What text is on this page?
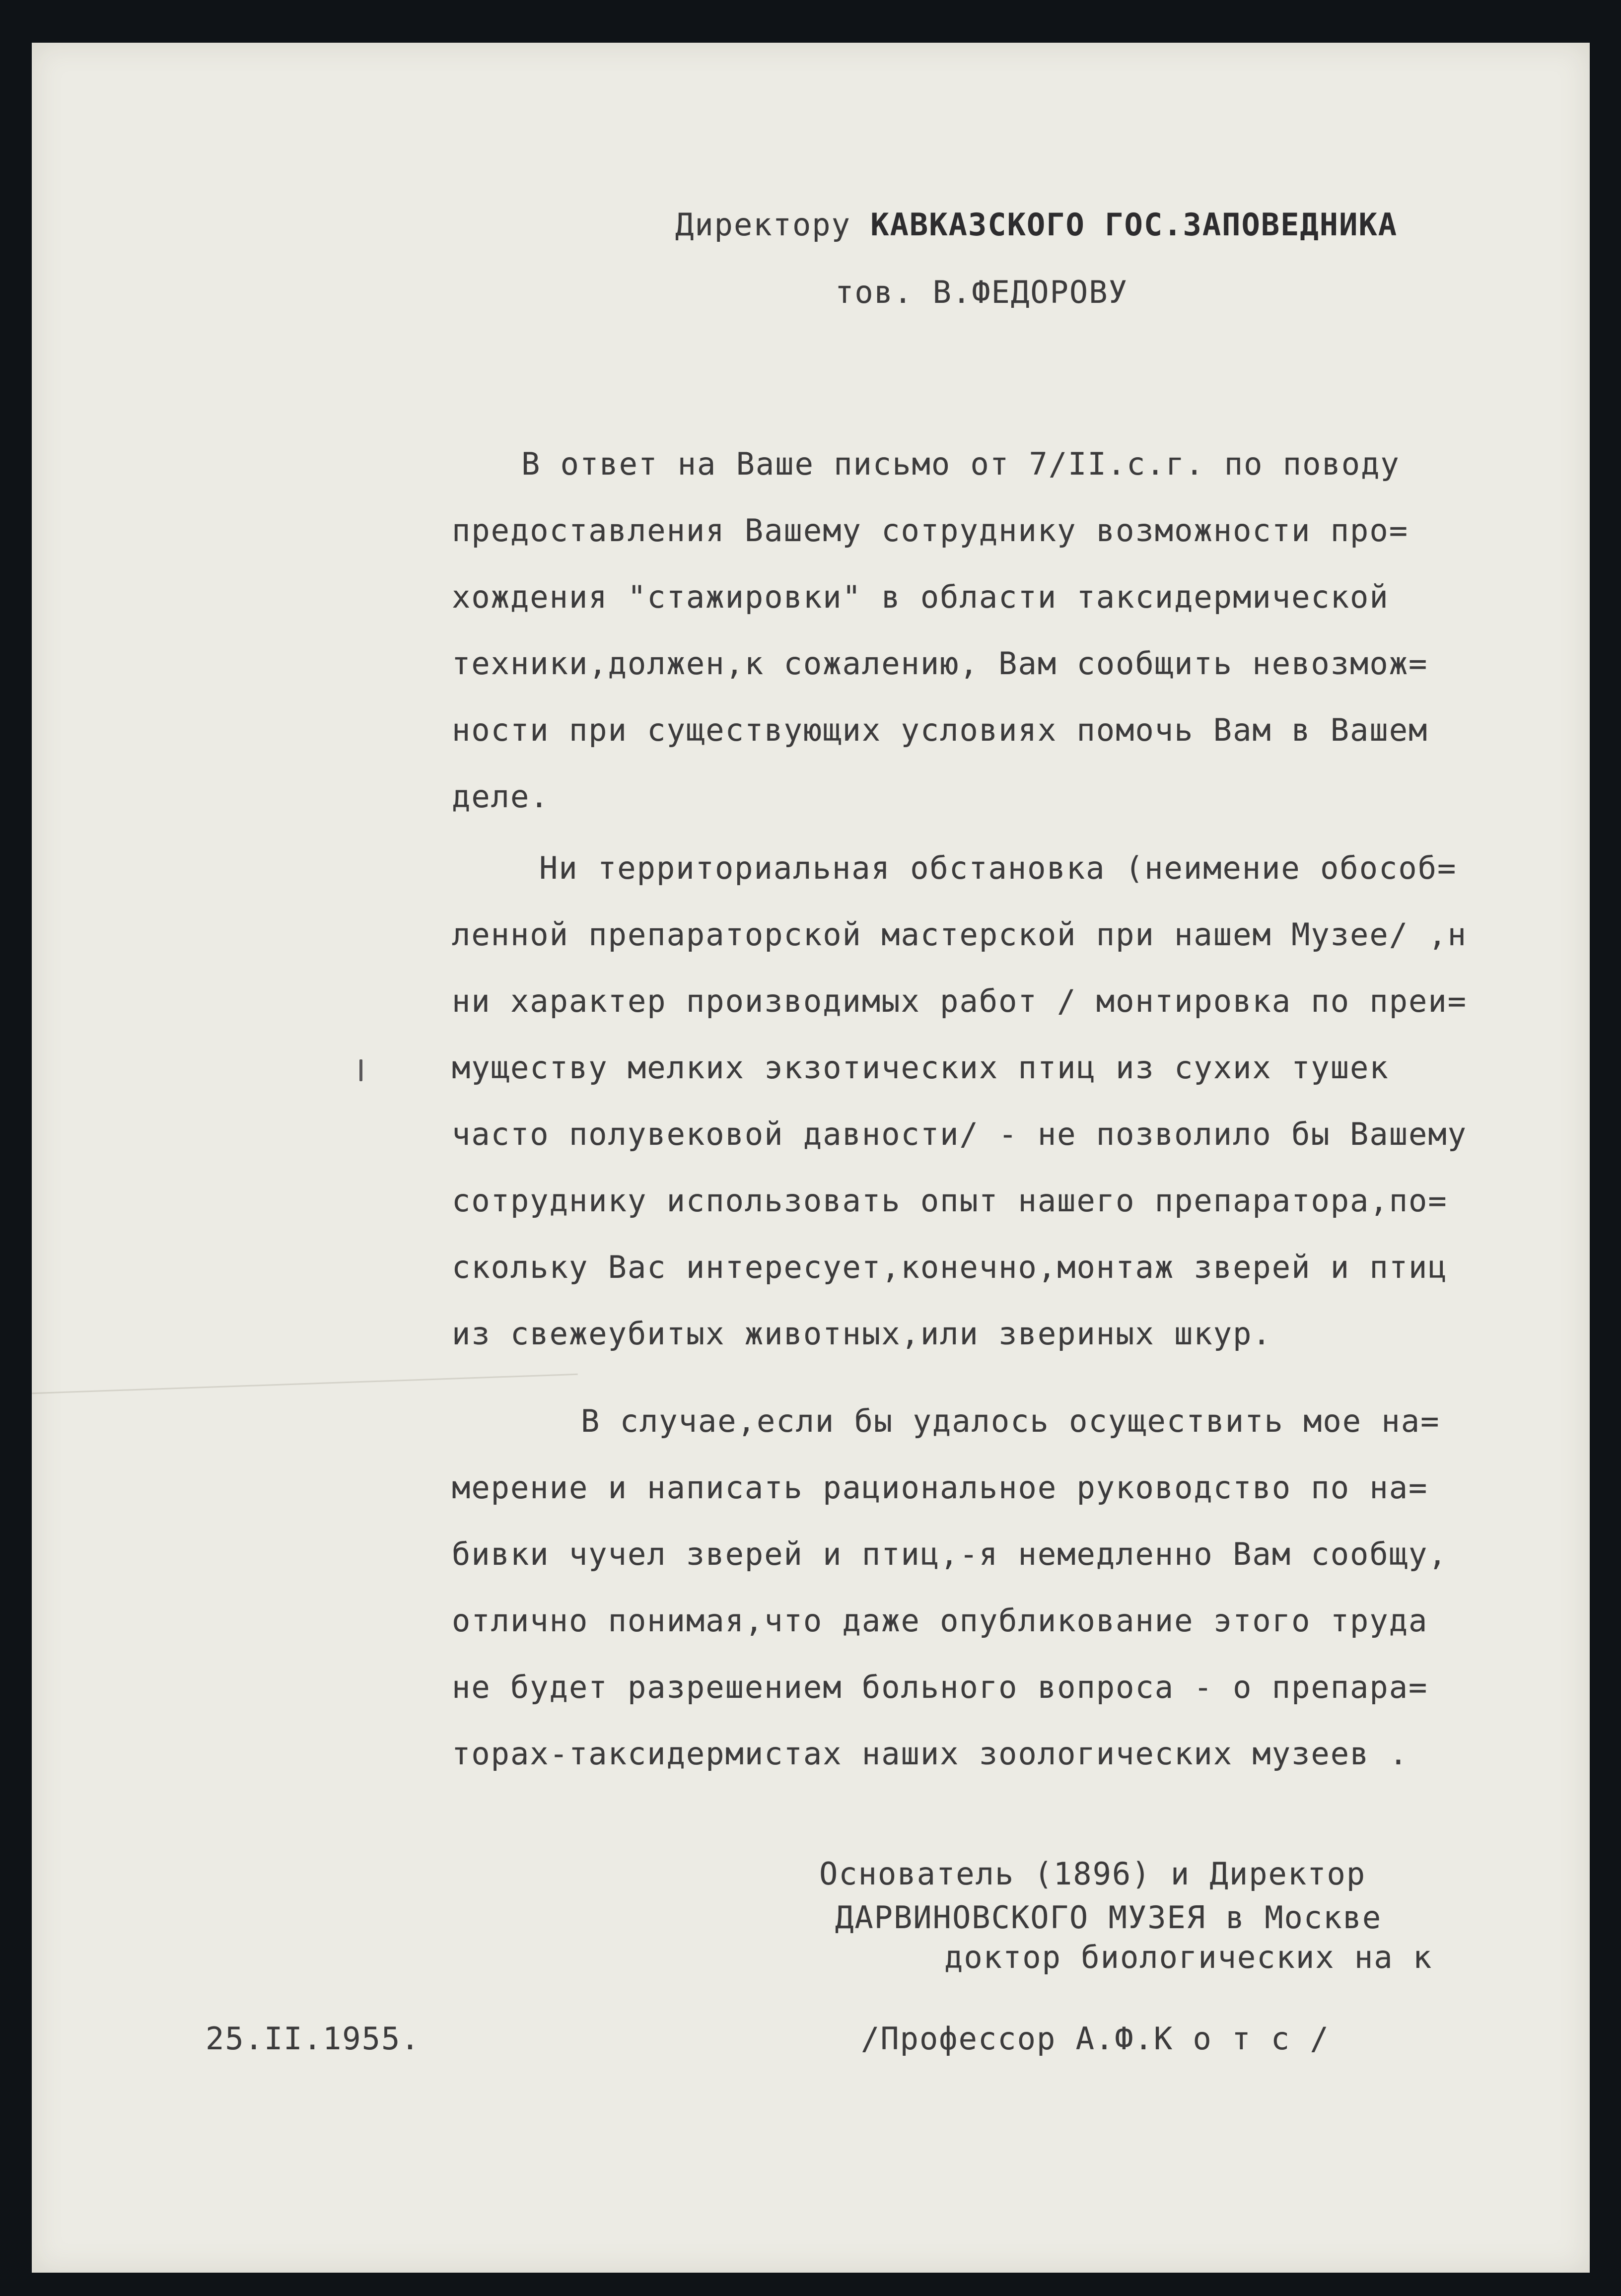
Директору КАВКАЗСКОГО ГОС.ЗАПОВЕДНИКА
тов. В.ФЕДОРОВУ
В ответ на Ваше письмо от 7/II.с.г. по поводу
предоставления Вашему сотруднику возможности про=
хождения "стажировки" в области таксидермической
техники,должен,к сожалению, Вам сообщить невозмож=
ности при существующих условиях помочь Вам в Вашем
деле.
Ни территориальная обстановка (неимение обособ=
ленной препараторской мастерской при нашем Музее/ ,н
ни характер производимых работ / монтировка по преи=
муществу мелких экзотических птиц из сухих тушек
часто полувековой давности/ - не позволило бы Вашему
сотруднику использовать опыт нашего препаратора,по=
скольку Вас интересует,конечно,монтаж зверей и птиц
из свежеубитых животных,или звериных шкур.
В случае,если бы удалось осуществить мое на=
мерение и написать рациональное руководство по на=
бивки чучел зверей и птиц,-я немедленно Вам сообщу,
отлично понимая,что даже опубликование этого труда
не будет разрешением больного вопроса - о препара=
торах-таксидермистах наших зоологических музеев .
Основатель (1896) и Директор
ДАРВИНОВСКОГО МУЗЕЯ в Москве
доктор биологических на к
25.II.1955.	/Профессор А.Ф.К о т с /
